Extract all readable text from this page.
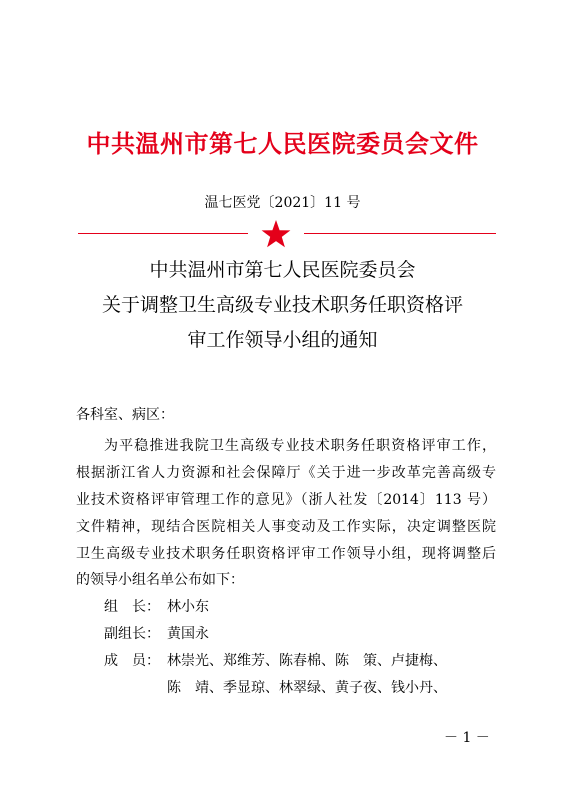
中共温州市第七人民医院委员会文件
温七医党〔2021〕11 号
中共温州市第七人民医院委员会
关于调整卫生高级专业技术职务任职资格评
审工作领导小组的通知
各科室、病区：
为平稳推进我院卫生高级专业技术职务任职资格评审工作，
根据浙江省人力资源和社会保障厅《关于进一步改革完善高级专
业技术资格评审管理工作的意见》（浙人社发〔2014〕113 号）
文件精神，现结合医院相关人事变动及工作实际，决定调整医院
卫生高级专业技术职务任职资格评审工作领导小组，现将调整后
的领导小组名单公布如下：
组　长： 林小东
副组长： 黄国永
成　员： 林崇光、郑维芳、陈春棉、陈　策、卢捷梅、
陈　靖、季显琼、林翠绿、黄子夜、钱小丹、
－ 1 －
